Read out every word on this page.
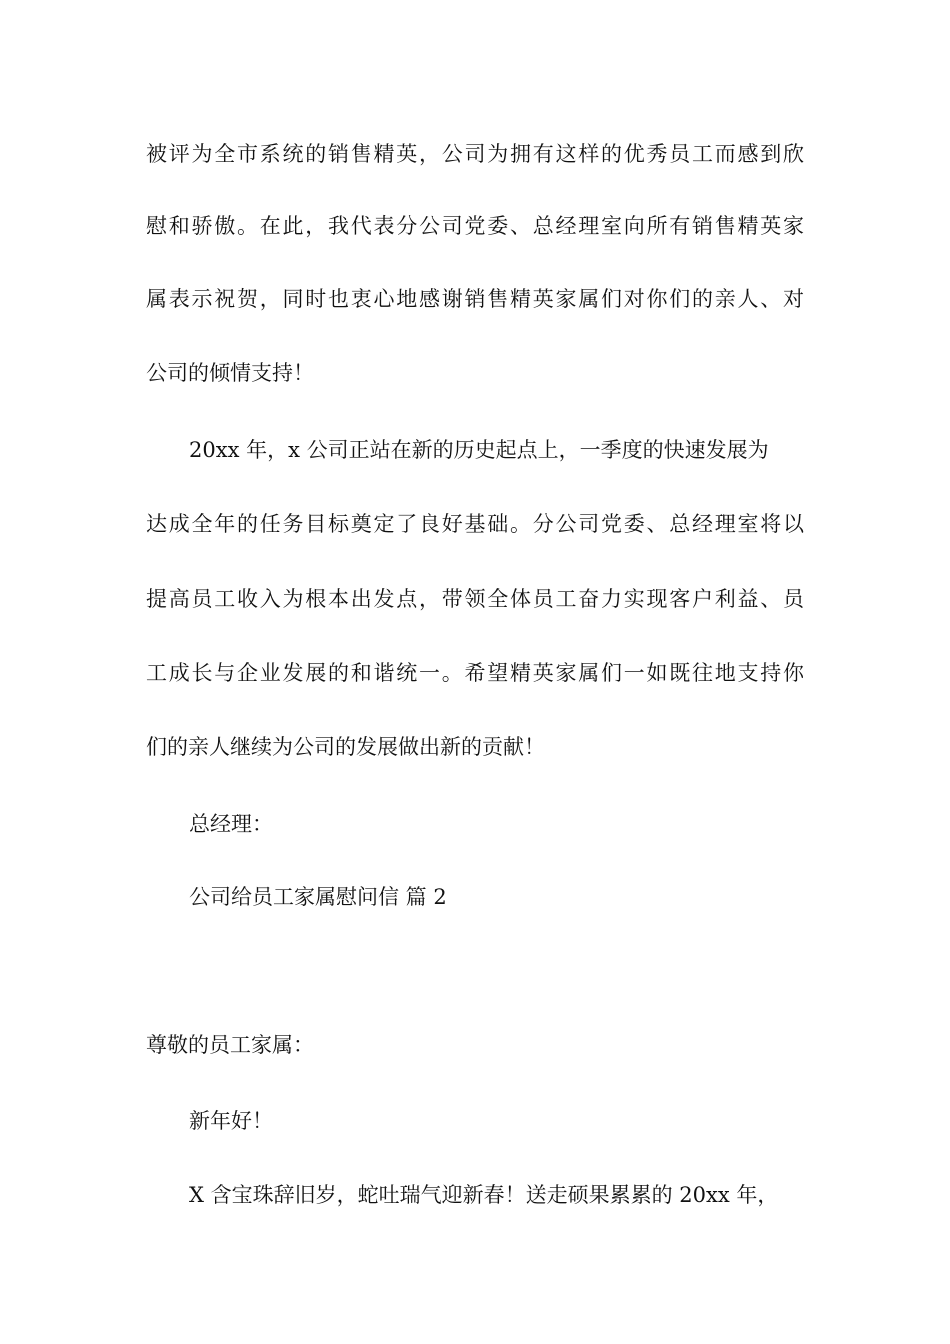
被评为全市系统的销售精英，公司为拥有这样的优秀员工而感到欣
慰和骄傲。在此，我代表分公司党委、总经理室向所有销售精英家
属表示祝贺，同时也衷心地感谢销售精英家属们对你们的亲人、对
公司的倾情支持！
20xx 年，x 公司正站在新的历史起点上，一季度的快速发展为
达成全年的任务目标奠定了良好基础。分公司党委、总经理室将以
提高员工收入为根本出发点，带领全体员工奋力实现客户利益、员
工成长与企业发展的和谐统一。希望精英家属们一如既往地支持你
们的亲人继续为公司的发展做出新的贡献！
总经理：
公司给员工家属慰问信 篇 2
尊敬的员工家属：
新年好！
X 含宝珠辞旧岁，蛇吐瑞气迎新春！送走硕果累累的 20xx 年，
